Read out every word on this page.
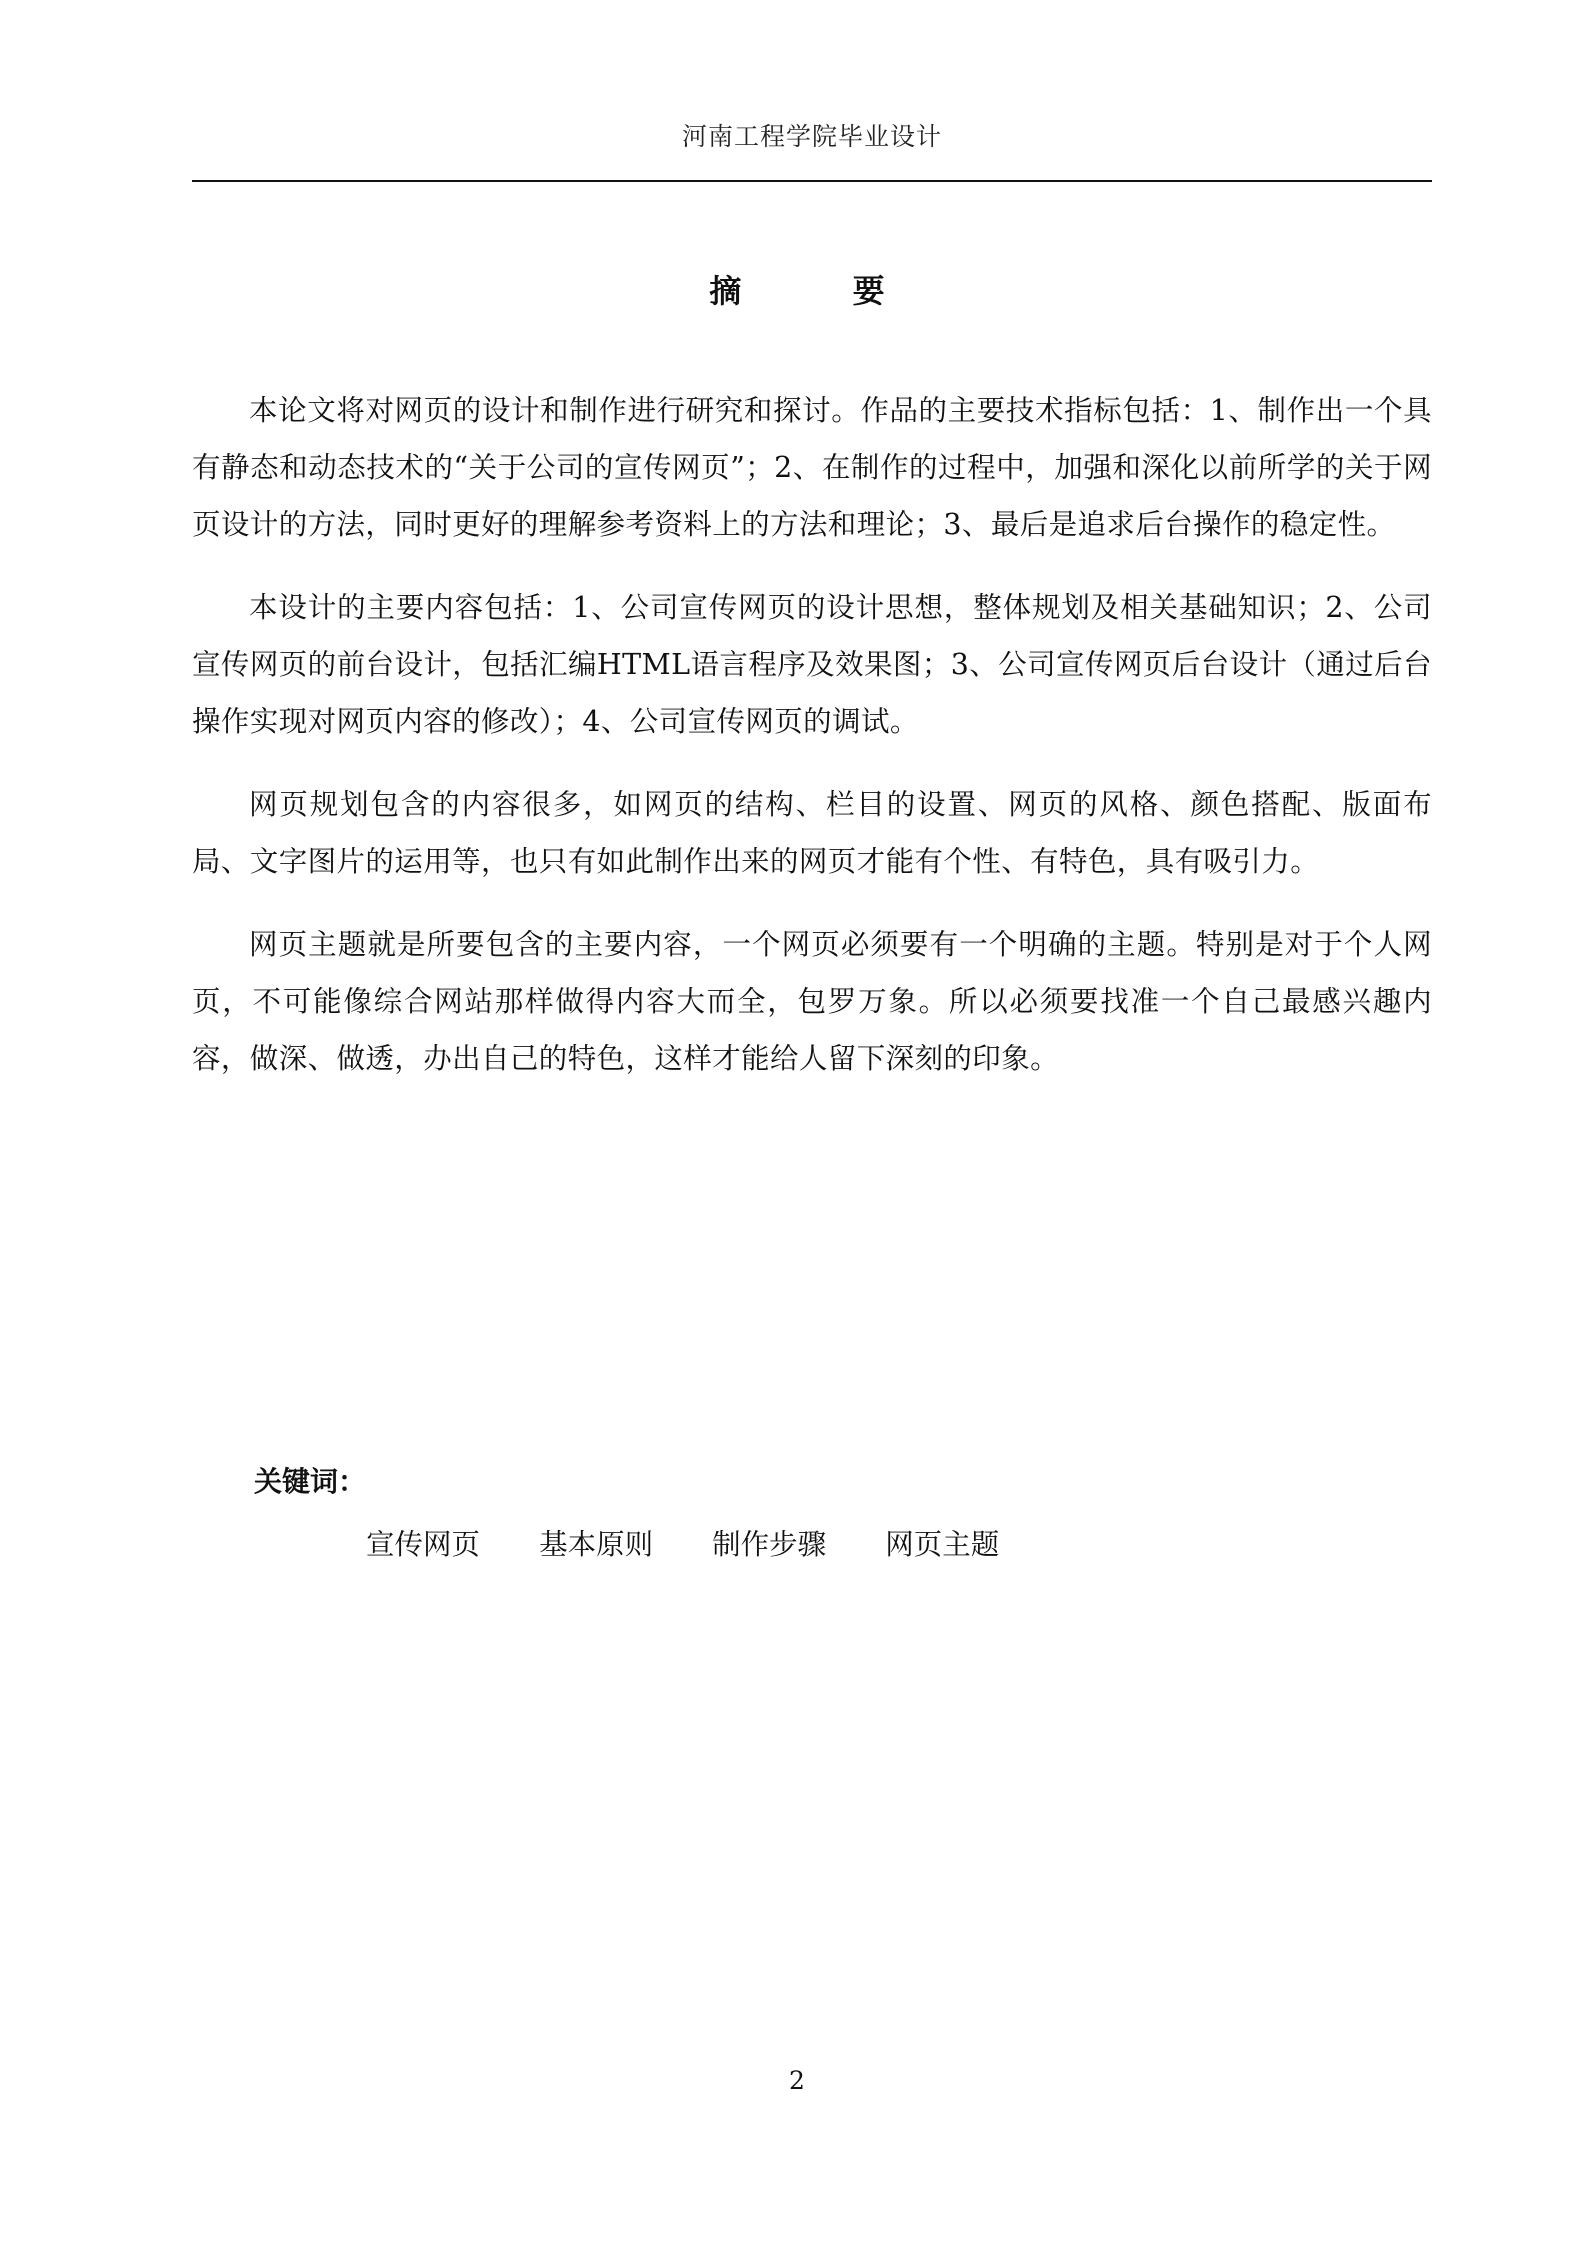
河南工程学院毕业设计
摘 要

本论文将对网页的设计和制作进行研究和探讨。作品的主要技术指标包括：1、制作出一个具有静态和动态技术的“关于公司的宣传网页”；2、在制作的过程中，加强和深化以前所学的关于网页设计的方法，同时更好的理解参考资料上的方法和理论；3、最后是追求后台操作的稳定性。

本设计的主要内容包括：1、公司宣传网页的设计思想，整体规划及相关基础知识；2、公司宣传网页的前台设计，包括汇编HTML语言程序及效果图；3、公司宣传网页后台设计（通过后台操作实现对网页内容的修改）；4、公司宣传网页的调试。

网页规划包含的内容很多，如网页的结构、栏目的设置、网页的风格、颜色搭配、版面布局、文字图片的运用等，也只有如此制作出来的网页才能有个性、有特色，具有吸引力。

网页主题就是所要包含的主要内容，一个网页必须要有一个明确的主题。特别是对于个人网页，不可能像综合网站那样做得内容大而全，包罗万象。所以必须要找准一个自己最感兴趣内容，做深、做透，办出自己的特色，这样才能给人留下深刻的印象。

关键词：
宣传网页 基本原则 制作步骤 网页主题
2
